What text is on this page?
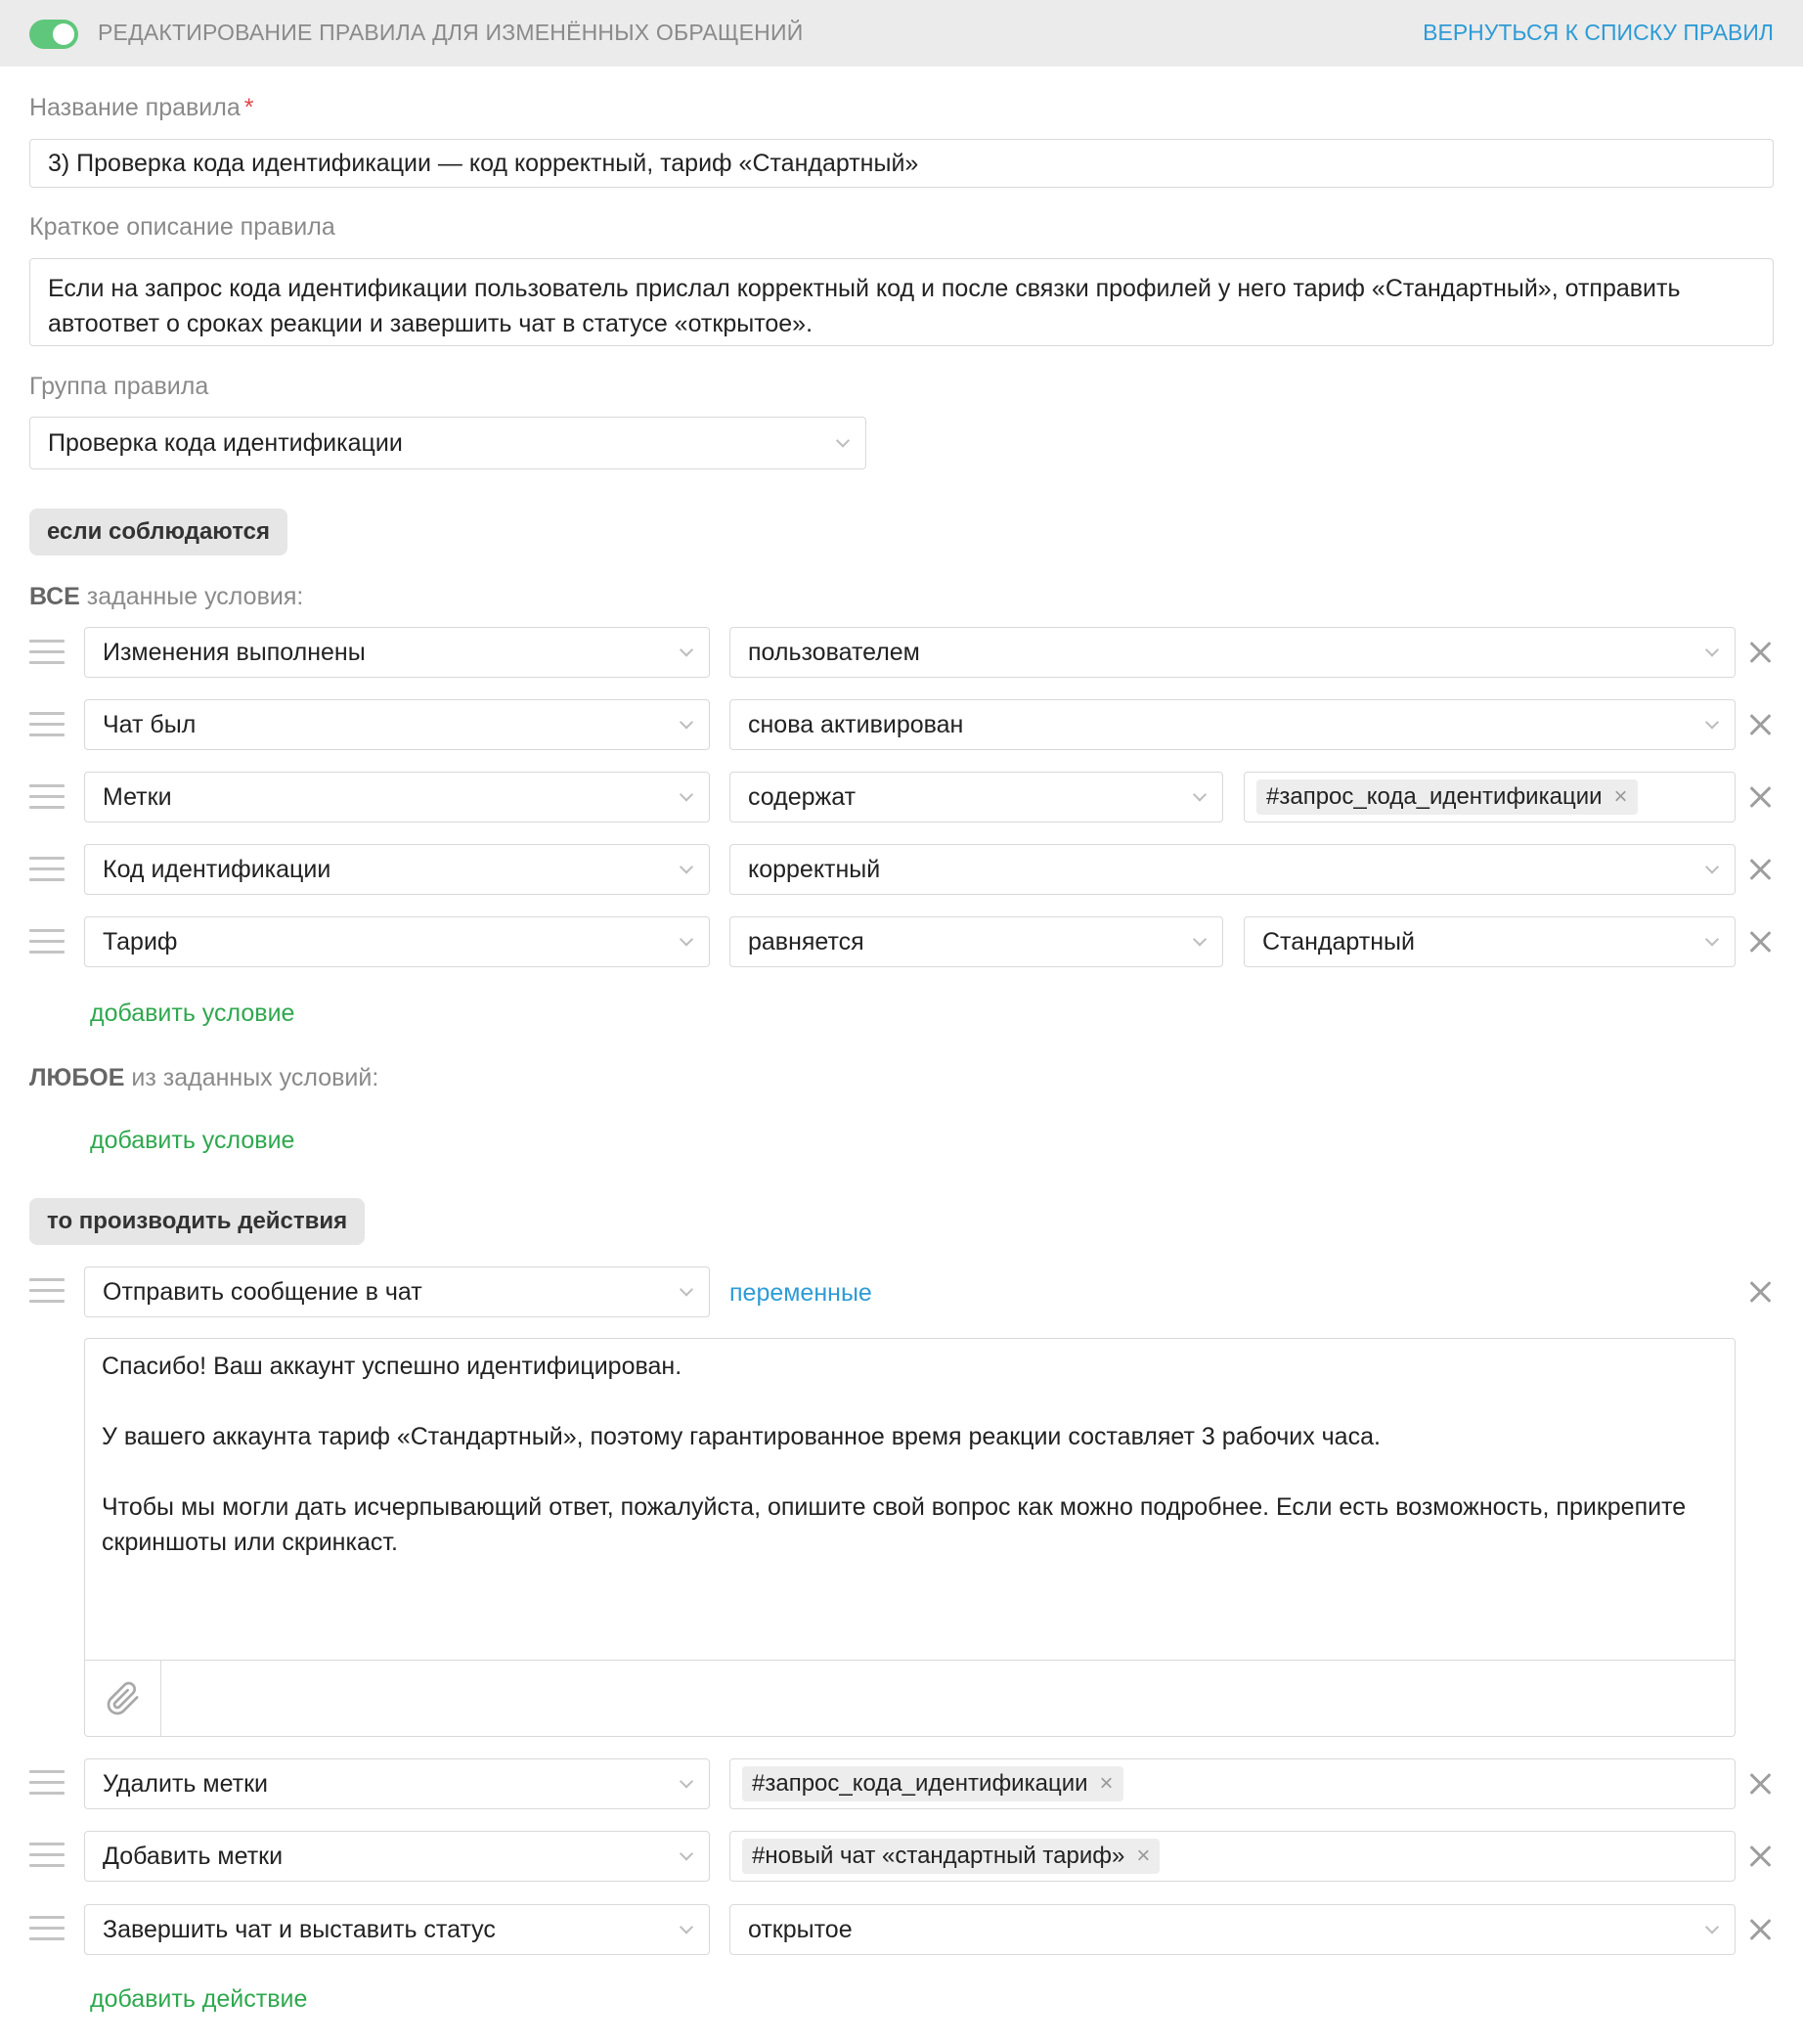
РЕДАКТИРОВАНИЕ ПРАВИЛА ДЛЯ ИЗМЕНЁННЫХ ОБРАЩЕНИЙ	ВЕРНУТЬСЯ К СПИСКУ ПРАВИЛ
Название правила *
3) Проверка кода идентификации — код корректный, тариф «Стандартный»
Краткое описание правила
Если на запрос кода идентификации пользователь прислал корректный код и после связки профилей у него тариф «Стандартный», отправить автоответ о сроках реакции и завершить чат в статусе «открытое».
Группа правила
Проверка кода идентификации
если соблюдаются
ВСЕ заданные условия:
Изменения выполнены	пользователем
Чат был	снова активирован
Метки	содержат	#запрос_кода_идентификации ×
Код идентификации	корректный
Тариф	равняется	Стандартный
добавить условие
ЛЮБОЕ из заданных условий:
добавить условие
то производить действия
Отправить сообщение в чат	переменные

Спасибо! Ваш аккаунт успешно идентифицирован.

У вашего аккаунта тариф «Стандартный», поэтому гарантированное время реакции составляет 3 рабочих часа.

Чтобы мы могли дать исчерпывающий ответ, пожалуйста, опишите свой вопрос как можно подробнее. Если есть возможность, прикрепите скриншоты или скринкаст.

Удалить метки	#запрос_кода_идентификации ×
Добавить метки	#новый чат «стандартный тариф» ×
Завершить чат и выставить статус	открытое
добавить действие
